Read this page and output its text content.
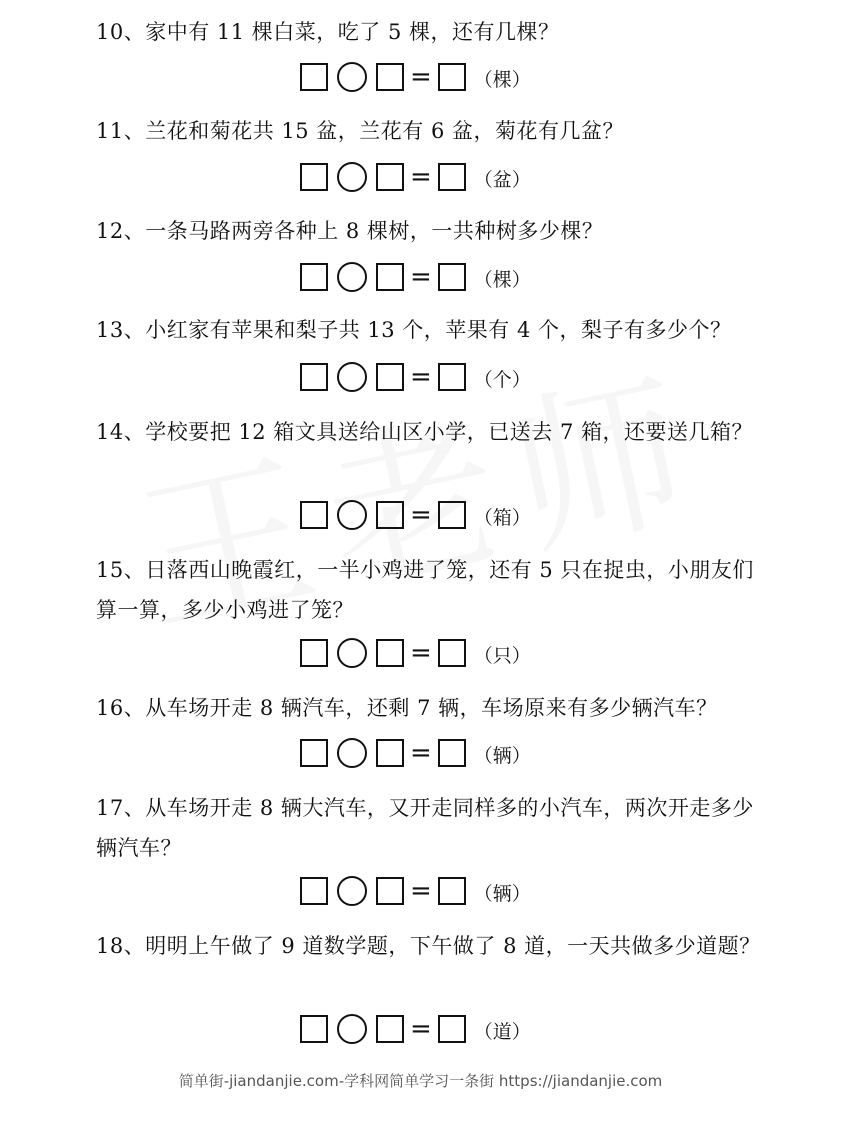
10、家中有 11 棵白菜，吃了 5 棵，还有几棵？
= （棵）
11、兰花和菊花共 15 盆，兰花有 6 盆，菊花有几盆？
= （盆）
12、一条马路两旁各种上 8 棵树，一共种树多少棵？
= （棵）
13、小红家有苹果和梨子共 13 个，苹果有 4 个，梨子有多少个？
= （个）
14、学校要把 12 箱文具送给山区小学，已送去 7 箱，还要送几箱？
= （箱）
15、日落西山晚霞红，一半小鸡进了笼，还有 5 只在捉虫，小朋友们算一算，多少小鸡进了笼？
= （只）
16、从车场开走 8 辆汽车，还剩 7 辆，车场原来有多少辆汽车？
= （辆）
17、从车场开走 8 辆大汽车，又开走同样多的小汽车，两次开走多少辆汽车？
= （辆）
18、明明上午做了 9 道数学题，下午做了 8 道，一天共做多少道题？
= （道）
简单街-jiandanjie.com-学科网简单学习一条街 https://jiandanjie.com
